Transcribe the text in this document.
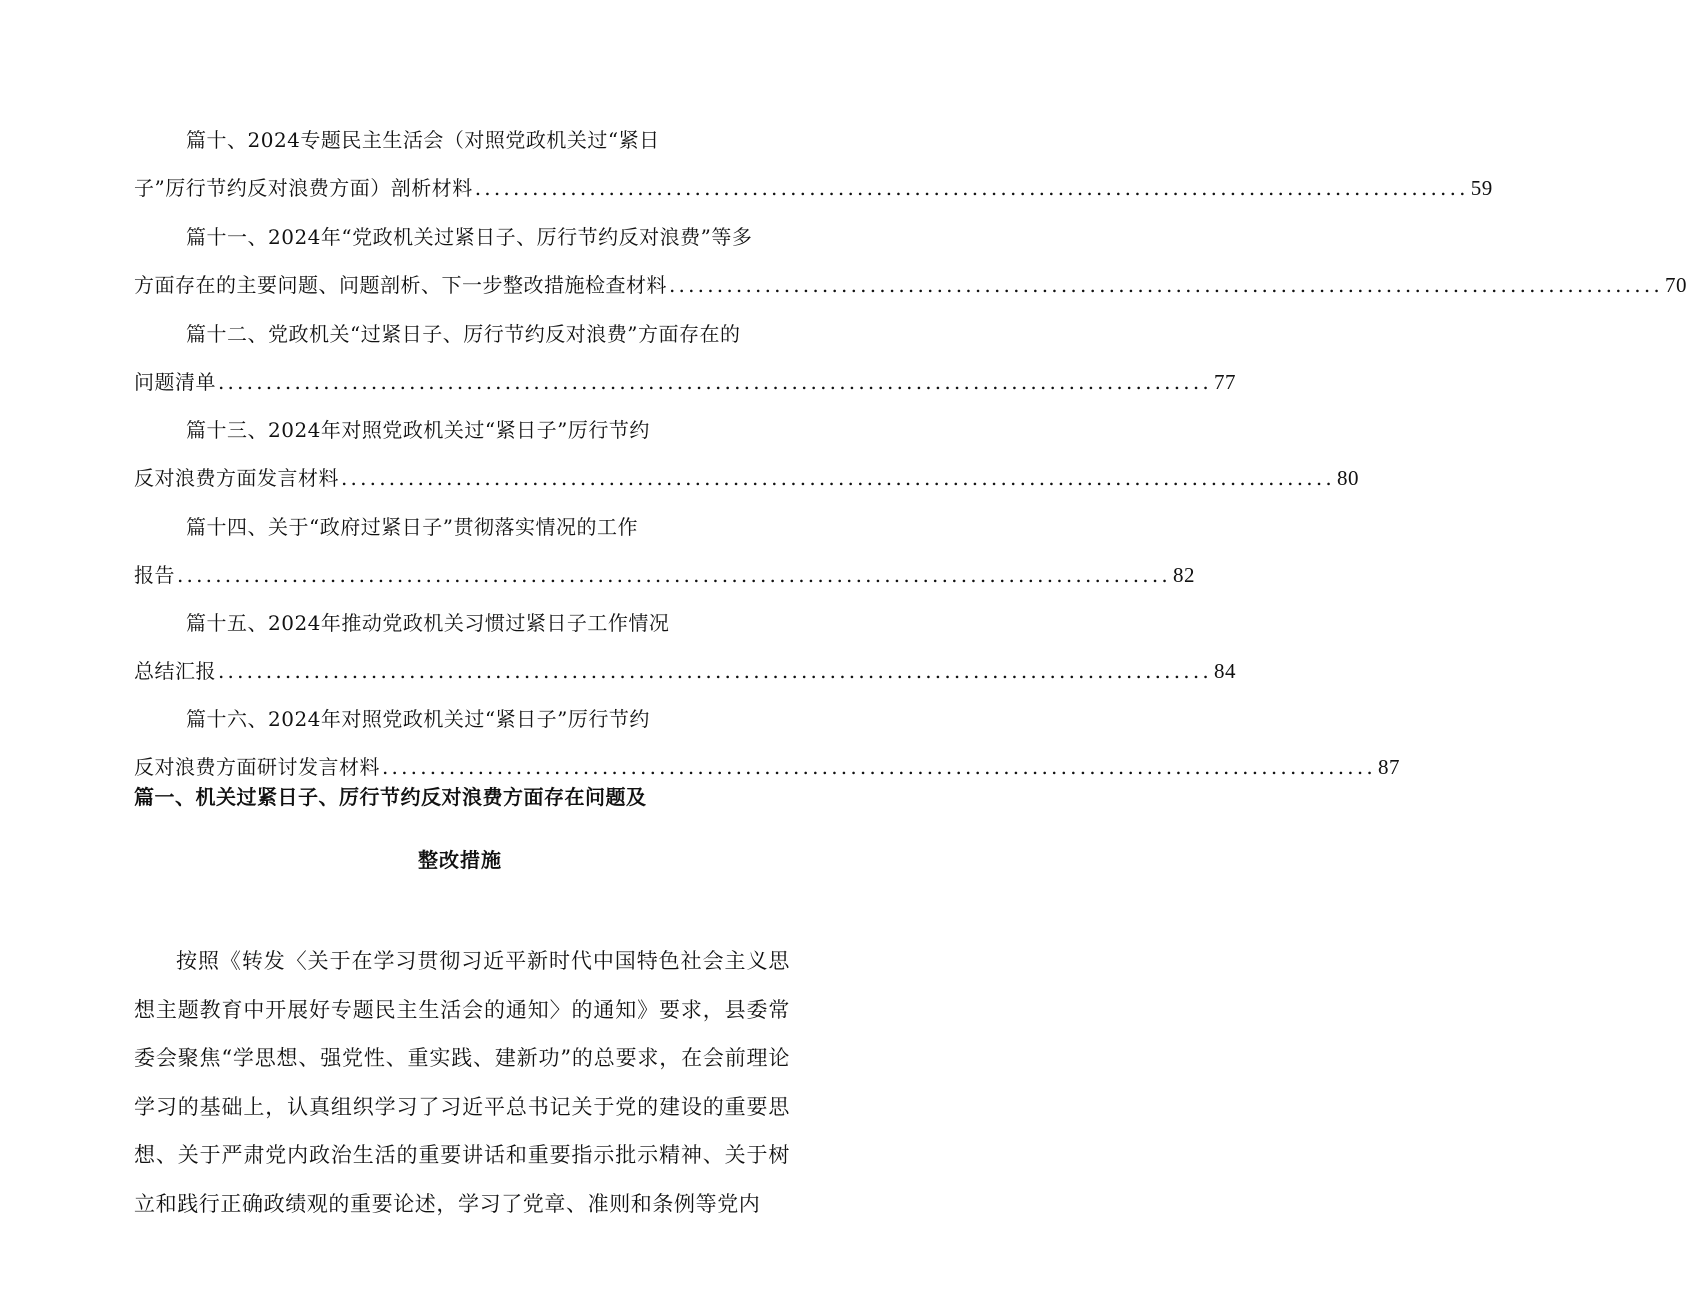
篇十、2024专题民主生活会（对照党政机关过“紧日
子”厉行节约反对浪费方面）剖析材料 ........................................................................................................ 59
篇十一、2024年“党政机关过紧日子、厉行节约反对浪费”等多
方面存在的主要问题、问题剖析、下一步整改措施检查材料 ........................................................................................................ 70
篇十二、党政机关“过紧日子、厉行节约反对浪费”方面存在的
问题清单 ........................................................................................................ 77
篇十三、2024年对照党政机关过“紧日子”厉行节约
反对浪费方面发言材料 ........................................................................................................ 80
篇十四、关于“政府过紧日子”贯彻落实情况的工作
报告 ........................................................................................................ 82
篇十五、2024年推动党政机关习惯过紧日子工作情况
总结汇报 ........................................................................................................ 84
篇十六、2024年对照党政机关过“紧日子”厉行节约
反对浪费方面研讨发言材料 ........................................................................................................ 87
篇一、机关过紧日子、厉行节约反对浪费方面存在问题及
整改措施
按照《转发〈关于在学习贯彻习近平新时代中国特色社会主义思想主题教育中开展好专题民主生活会的通知〉的通知》要求，县委常委会聚焦“学思想、强党性、重实践、建新功”的总要求，在会前理论学习的基础上，认真组织学习了习近平总书记关于党的建设的重要思想、关于严肃党内政治生活的重要讲话和重要指示批示精神、关于树立和践行正确政绩观的重要论述，学习了党章、准则和条例等党内
